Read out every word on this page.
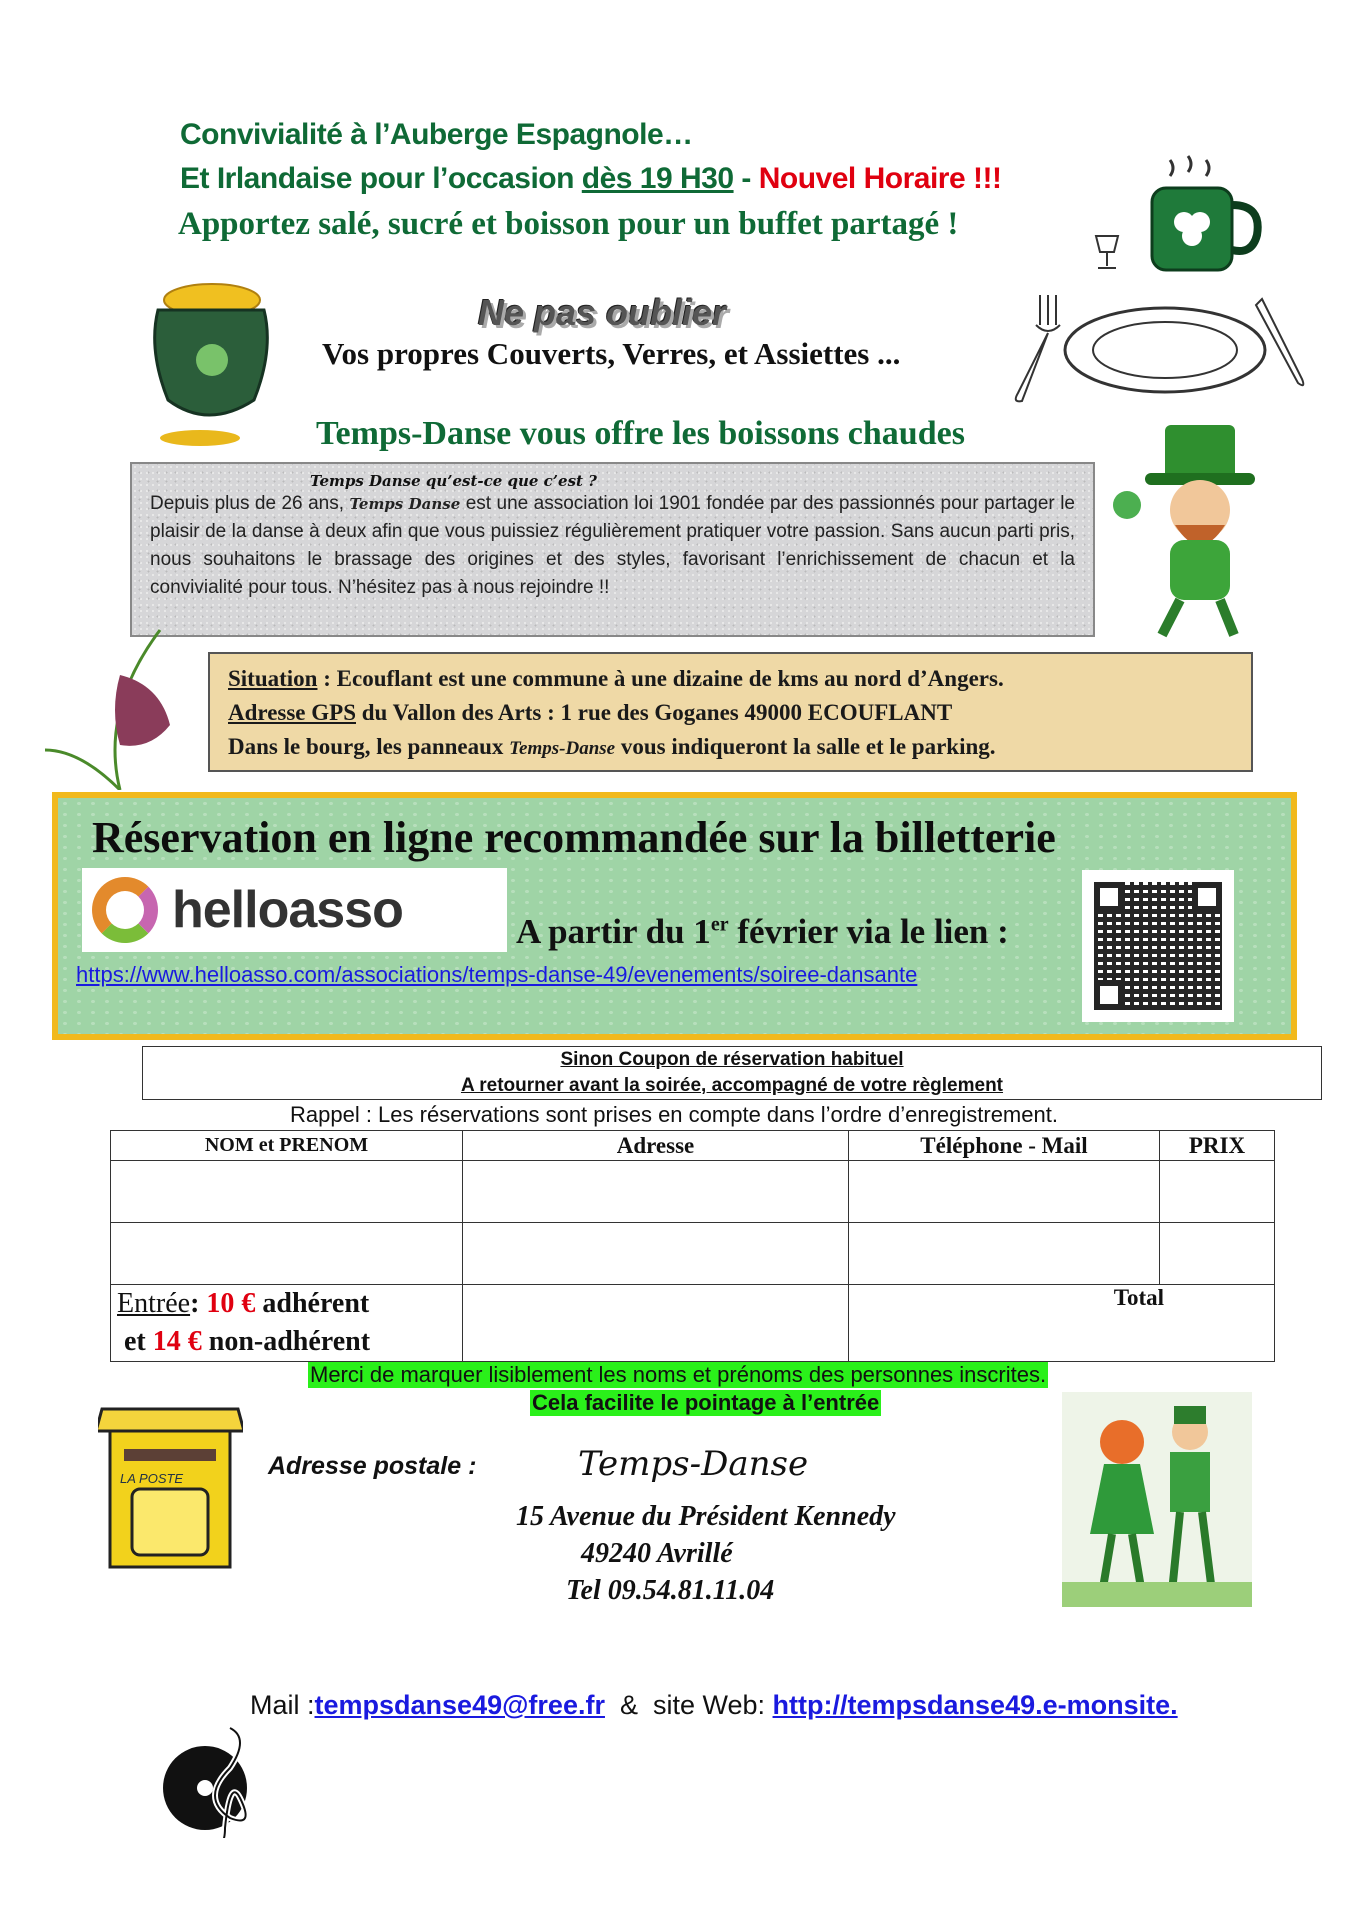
Convivialité à l’Auberge Espagnole…
Et Irlandaise pour l’occasion dès 19 H30 - Nouvel Horaire !!!
Apportez salé, sucré et boisson pour un buffet partagé !
Ne pas oublier
Vos propres Couverts, Verres, et Assiettes ...
Temps-Danse vous offre les boissons chaudes
Temps Danse qu’est-ce que c’est ?

Depuis plus de 26 ans, Temps Danse est une association loi 1901 fondée par des passionnés pour partager le plaisir de la danse à deux afin que vous puissiez régulièrement pratiquer votre passion. Sans aucun parti pris, nous souhaitons le brassage des origines et des styles, favorisant l’enrichissement de chacun et la convivialité pour tous. N’hésitez pas à nous rejoindre !!

Situation : Ecouflant est une commune à une dizaine de kms au nord d’Angers.
Adresse GPS du Vallon des Arts : 1 rue des Goganes 49000 ECOUFLANT
Dans le bourg, les panneaux Temps-Danse vous indiqueront la salle et le parking.
Réservation en ligne recommandée sur la billetterie
helloasso	A partir du 1er février via le lien :
https://www.helloasso.com/associations/temps-danse-49/evenements/soiree-dansante
Sinon Coupon de réservation habituel
A retourner avant la soirée, accompagné de votre règlement
Rappel : Les réservations sont prises en compte dans l’ordre d’enregistrement.
NOM et PRENOM	Adresse	Téléphone - Mail	PRIX

Entrée: 10 € adhérent
et 14 € non-adhérent		Total	
Merci de marquer lisiblement les noms et prénoms des personnes inscrites.
Cela facilite le pointage à l’entrée
LA POSTE	Adresse postale :	Temps-Danse
15 Avenue du Président Kennedy
49240 Avrillé
Tel 09.54.81.11.04
Mail :tempsdanse49@free.fr  &  site Web: http://tempsdanse49.e-monsite.
